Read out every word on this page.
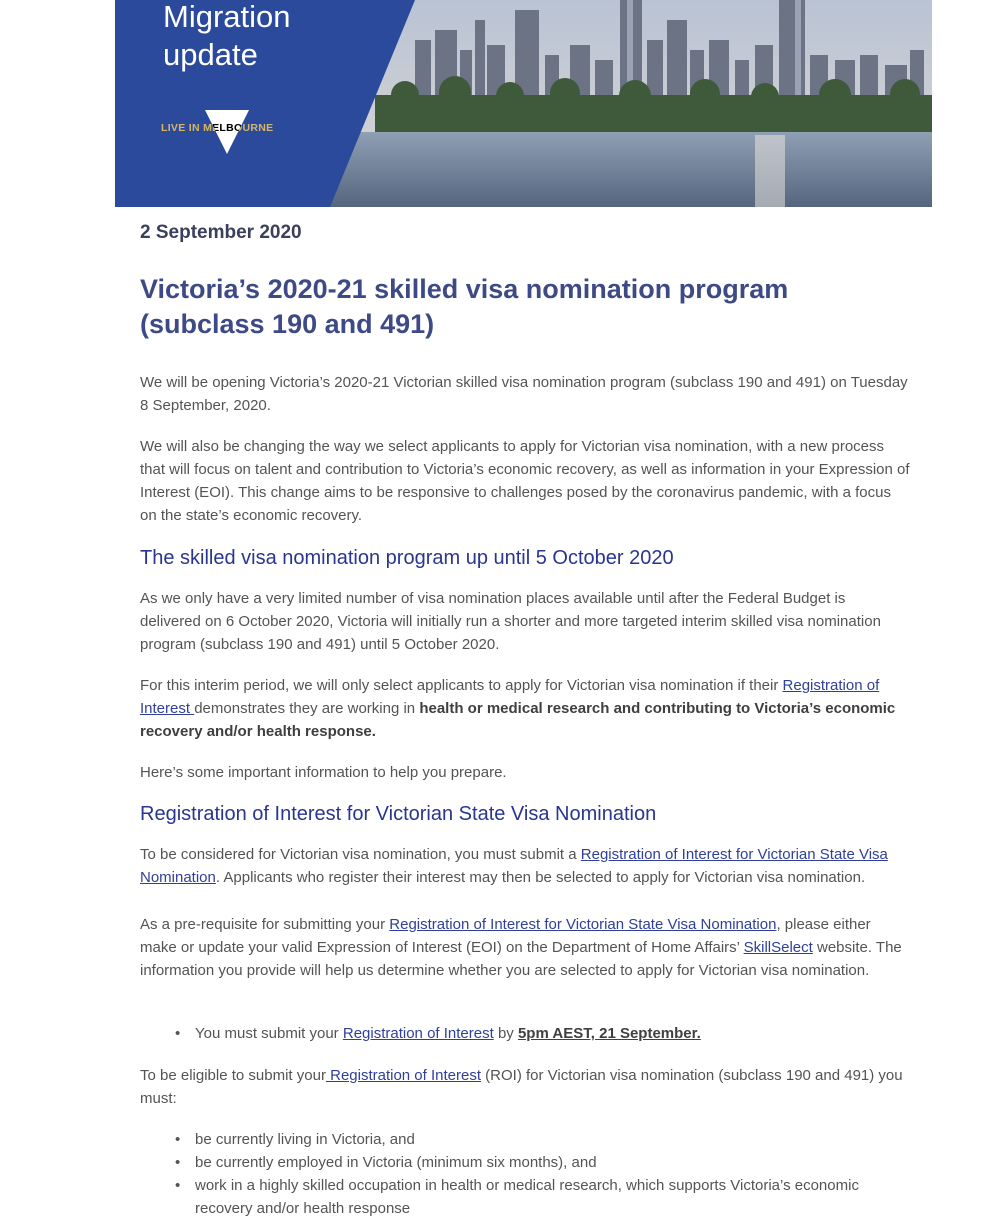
Migration
update
LIVE IN MELBOURNE
Australia
2 September 2020
Victoria’s 2020-21 skilled visa nomination program (subclass 190 and 491)
We will be opening Victoria’s 2020-21 Victorian skilled visa nomination program (subclass 190 and 491) on Tuesday 8 September, 2020.
We will also be changing the way we select applicants to apply for Victorian visa nomination, with a new process that will focus on talent and contribution to Victoria’s economic recovery, as well as information in your Expression of Interest (EOI). This change aims to be responsive to challenges posed by the coronavirus pandemic, with a focus on the state’s economic recovery.
The skilled visa nomination program up until 5 October 2020
As we only have a very limited number of visa nomination places available until after the Federal Budget is delivered on 6 October 2020, Victoria will initially run a shorter and more targeted interim skilled visa nomination program (subclass 190 and 491) until 5 October 2020.
For this interim period, we will only select applicants to apply for Victorian visa nomination if their Registration of Interest demonstrates they are working in health or medical research and contributing to Victoria’s economic recovery and/or health response.
Here’s some important information to help you prepare.
Registration of Interest for Victorian State Visa Nomination
To be considered for Victorian visa nomination, you must submit a Registration of Interest for Victorian State Visa Nomination. Applicants who register their interest may then be selected to apply for Victorian visa nomination.
As a pre-requisite for submitting your Registration of Interest for Victorian State Visa Nomination, please either make or update your valid Expression of Interest (EOI) on the Department of Home Affairs’ SkillSelect website. The information you provide will help us determine whether you are selected to apply for Victorian visa nomination.
• You must submit your Registration of Interest by 5pm AEST, 21 September.
To be eligible to submit your Registration of Interest (ROI) for Victorian visa nomination (subclass 190 and 491) you must:
• be currently living in Victoria, and
• be currently employed in Victoria (minimum six months), and
• work in a highly skilled occupation in health or medical research, which supports Victoria’s economic recovery and/or health response
